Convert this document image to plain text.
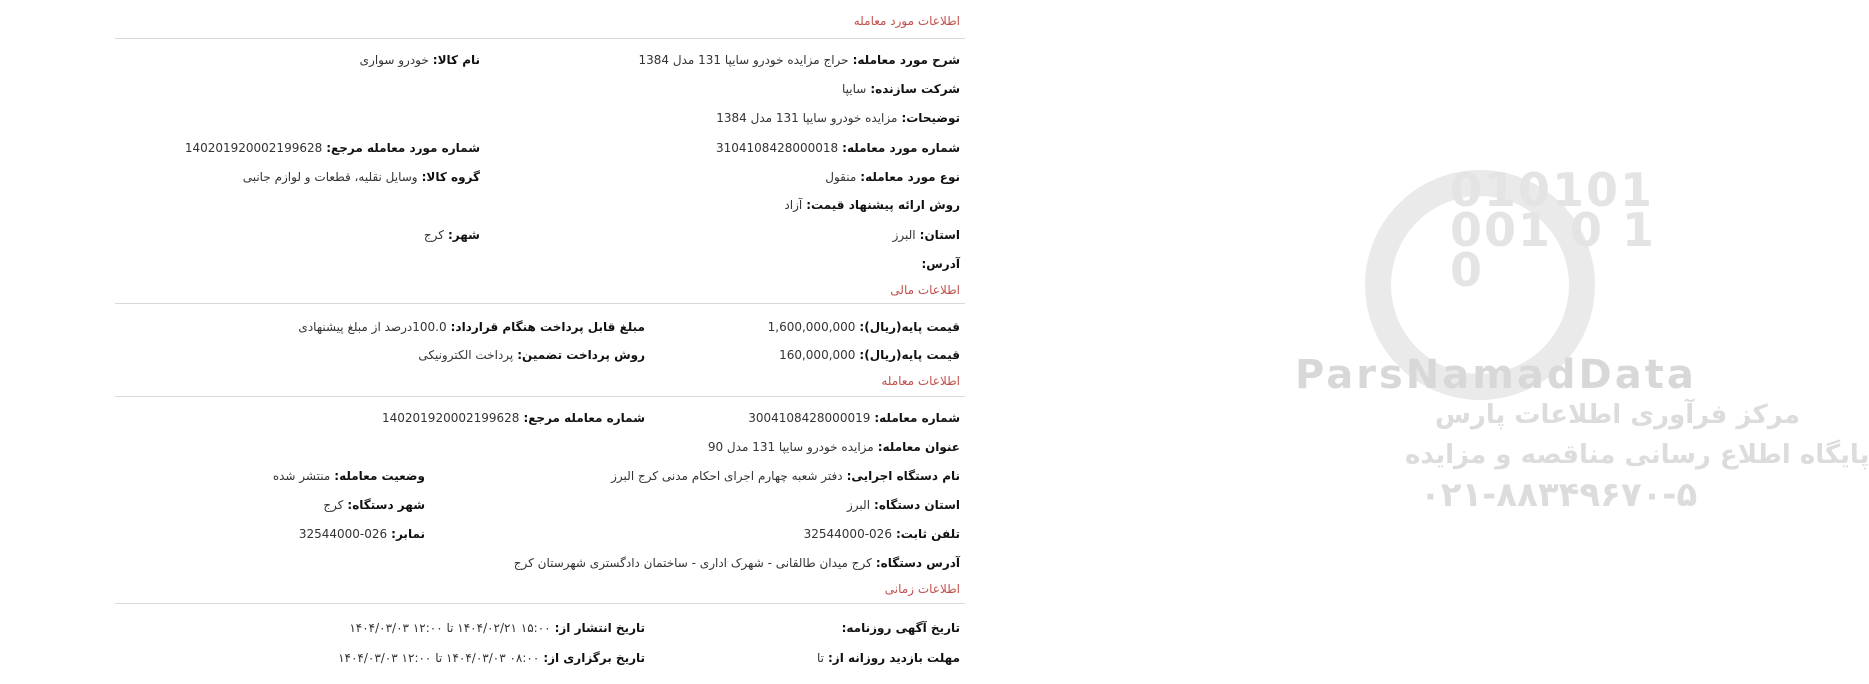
010101 001 0 1 0
ParsNamadData
مرکز فرآوری اطلاعات پارس
پایگاه اطلاع رسانی مناقصه و مزایده
۰۲۱-۸۸۳۴۹۶۷۰-۵
اطلاعات مورد معامله
شرح مورد معامله:حراج مزایده خودرو سایپا 131 مدل 1384
نام کالا:خودرو سواری
شرکت سازنده:سایپا
توضیحات:مزایده خودرو سایپا 131 مدل 1384
شماره مورد معامله:3104108428000018
شماره مورد معامله مرجع:140201920002199628
نوع مورد معامله:منقول
گروه کالا:وسایل نقلیه، قطعات و لوازم جانبی
روش ارائه پیشنهاد قیمت:آزاد
استان:البرز
شهر:کرج
آدرس:
اطلاعات مالی
قیمت پایه(ریال):1,600,000,000
مبلغ قابل پرداخت هنگام قرارداد:100.0درصد از مبلغ پیشنهادی
قیمت پایه(ریال):160,000,000
روش پرداخت تضمین:پرداخت الکترونیکی
اطلاعات معامله
شماره معامله:3004108428000019
شماره معامله مرجع:140201920002199628
عنوان معامله:مزایده خودرو سایپا 131 مدل 90
نام دستگاه اجرایی:دفتر شعبه چهارم اجرای احکام مدنی کرج البرز
وضعیت معامله:منتشر شده
استان دستگاه:البرز
شهر دستگاه:کرج
تلفن ثابت:026-32544000
نمابر:026-32544000
آدرس دستگاه:کرج میدان طالقانی - شهرک اداری - ساختمان دادگستری شهرستان کرج
اطلاعات زمانی
تاریخ آگهی روزنامه:
تاریخ انتشار از:۱۵:۰۰ ۱۴۰۴/۰۲/۲۱ تا ۱۲:۰۰ ۱۴۰۴/۰۳/۰۳
مهلت بازدید روزانه از:تا
تاریخ برگزاری از:۰۸:۰۰ ۱۴۰۴/۰۳/۰۳ تا ۱۲:۰۰ ۱۴۰۴/۰۳/۰۳
